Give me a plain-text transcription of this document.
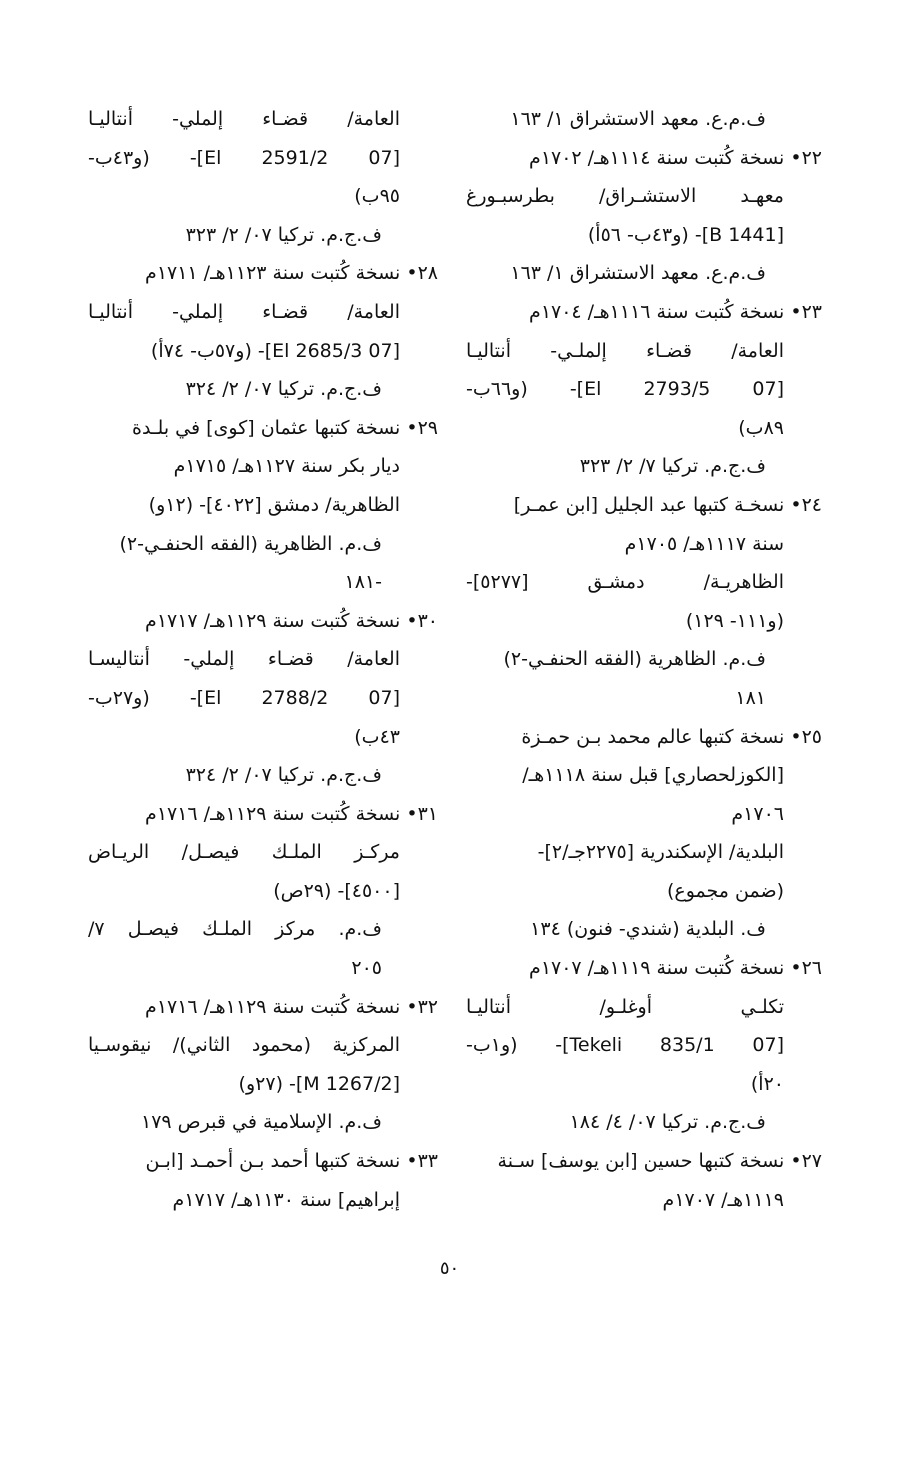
ف.م.ع. معهد الاستشراق ١/ ١٦٣
٢٢• نسخة كُتبت سنة ١١١٤هـ/ ١٧٠٢م
معهـد الاستشـراق/ بطرسبـورغ
[B 1441]- (و٤٣ب- ٥٦أ)
ف.م.ع. معهد الاستشراق ١/ ١٦٣
٢٣• نسخة كُتبت سنة ١١١٦هـ/ ١٧٠٤م
العامة/ قضـاء إلملـي- أنتاليـا
[07 El 2793/5]- (و٦٦ب-
٨٩ب)
ف.ج.م. تركيا ٧/ ٢/ ٣٢٣
٢٤• نسخـة كتبها عبد الجليل [ابن عمـر]
سنة ١١١٧هـ/ ١٧٠٥م
الظاهريـة/ دمشـق [٥٢٧٧]-
(و١١١- ١٢٩)
ف.م. الظاهرية (الفقه الحنفـي-٢)
١٨١
٢٥• نسخة كتبها عالم محمد بـن حمـزة
[الكوزلحصاري] قبل سنة ١١١٨هـ/
١٧٠٦م
البلدية/ الإسكندرية [٢٢٧٥جـ/٢]-
(ضمن مجموع)
ف. البلدية (شندي- فنون) ١٣٤
٢٦• نسخة كُتبت سنة ١١١٩هـ/ ١٧٠٧م
تكلـي أوغلـو/ أنتاليـا
[07 Tekeli 835/1]- (و١ب-
٢٠أ)
ف.ج.م. تركيا ٠٧/ ٤/ ١٨٤
٢٧• نسخة كتبها حسين [ابن يوسف] سـنة
١١١٩هـ/ ١٧٠٧م
العامة/ قضـاء إلملي- أنتاليـا
[07 El 2591/2]- (و٤٣ب-
٩٥ب)
ف.ج.م. تركيا ٠٧/ ٢/ ٣٢٣
٢٨• نسخة كُتبت سنة ١١٢٣هـ/ ١٧١١م
العامة/ قضـاء إلملي- أنتاليـا
[07 El 2685/3]- (و٥٧ب- ٧٤أ)
ف.ج.م. تركيا ٠٧/ ٢/ ٣٢٤
٢٩• نسخة كتبها عثمان [كوى] في بلـدة
ديار بكر سنة ١١٢٧هـ/ ١٧١٥م
الظاهرية/ دمشق [٤٠٢٢]- (١٢و)
ف.م. الظاهرية (الفقه الحنفـي-٢)
-١٨١
٣٠• نسخة كُتبت سنة ١١٢٩هـ/ ١٧١٧م
العامة/ قضـاء إلملي- أنتاليسـا
[07 El 2788/2]- (و٢٧ب-
٤٣ب)
ف.ج.م. تركيا ٠٧/ ٢/ ٣٢٤
٣١• نسخة كُتبت سنة ١١٢٩هـ/ ١٧١٦م
مركـز الملـك فيصـل/ الريـاض
[٤٥٠٠]- (٢٩ص)
ف.م. مركز الملـك فيصـل ٧/
٢٠٥
٣٢• نسخة كُتبت سنة ١١٢٩هـ/ ١٧١٦م
المركزية (محمود الثاني)/ نيقوسـيا
[M 1267/2]- (٢٧و)
ف.م. الإسلامية في قبرص ١٧٩
٣٣• نسخة كتبها أحمد بـن أحمـد [ابـن
إبراهيم] سنة ١١٣٠هـ/ ١٧١٧م
٥٠
